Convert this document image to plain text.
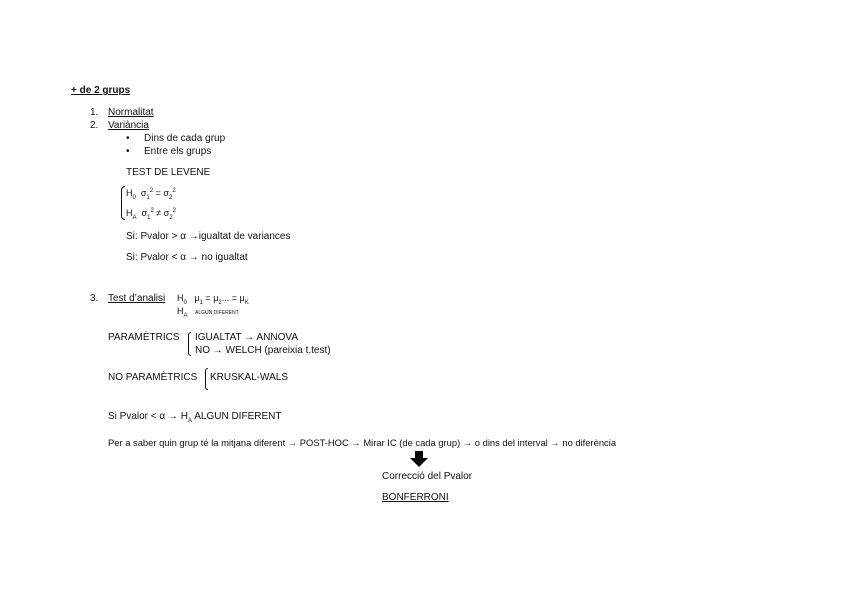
+ de 2 grups
1. Normalitat
2. Variància
• Dins de cada grup
• Entre els grups
TEST DE LEVENE
$H_0$ $\sigma_1^2 = \sigma_2^2$
$H_A$ $\sigma_1^2 \ne \sigma_2^2$
Si: Pvalor > α →igualtat de variances
Si: Pvalor < α → no igualtat
3. Test d’analisi $H_0$ $\mu_1 = \mu_2$... = $\mu_K$
$H_A$ ALGUN DIFERENT
PARAMÈTRICS IGUALTAT → ANNOVA
NO → WELCH (pareixia t.test)
NO PARAMÈTRICS KRUSKAL-WALS
Si Pvalor < $\alpha \to H_A$ ALGUN DIFERENT
Per a saber quin grup té la mitjana diferent → POST-HOC → Mirar IC (de cada grup) → o dins del interval → no diferència
Correcció del Pvalor
BONFERRONI
